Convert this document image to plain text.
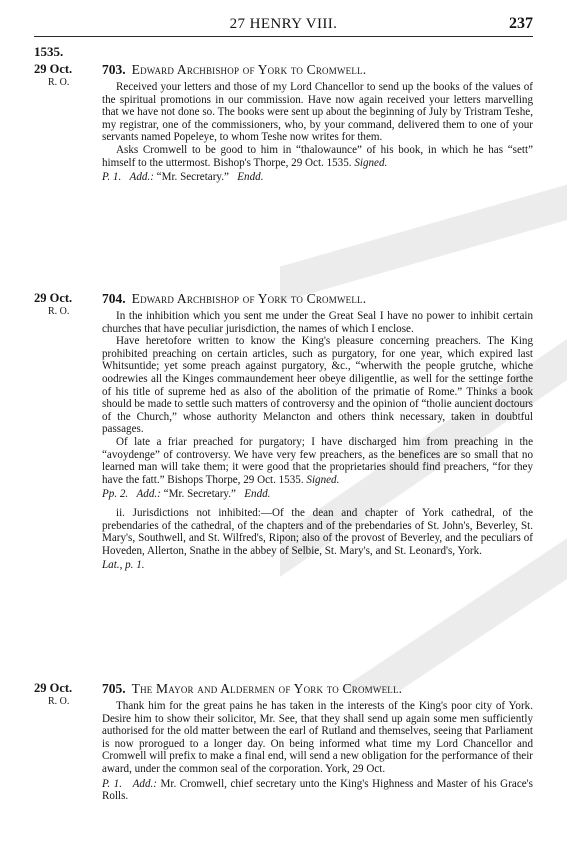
27 HENRY VIII.	237
1535.
29 Oct.
R. O.
703. Edward Archbishop of York to Cromwell.

Received your letters and those of my Lord Chancellor to send up the books of the values of the spiritual promotions in our commission. Have now again received your letters marvelling that we have not done so. The books were sent up about the beginning of July by Tristram Teshe, my registrar, one of the commissioners, who, by your command, delivered them to one of your servants named Popeleye, to whom Teshe now writes for them.

Asks Cromwell to be good to him in “thalowaunce” of his book, in which he has “sett” himself to the uttermost. Bishop's Thorpe, 29 Oct. 1535. Signed.

P. 1. Add.: “Mr. Secretary.” Endd.

29 Oct.
R. O.
704. Edward Archbishop of York to Cromwell.

In the inhibition which you sent me under the Great Seal I have no power to inhibit certain churches that have peculiar jurisdiction, the names of which I enclose.

Have heretofore written to know the King's pleasure concerning preachers. The King prohibited preaching on certain articles, such as purgatory, for one year, which expired last Whitsuntide; yet some preach against purgatory, &c., “wherwith the people grutche, whiche oodrewies all the Kinges commaundement heer obeye diligentlie, as well for the settinge forthe of his title of supreme hed as also of the abolition of the primatie of Rome.” Thinks a book should be made to settle such matters of controversy and the opinion of “tholie auncient doctours of the Church,” whose authority Melancton and others think necessary, taken in doubtful passages.

Of late a friar preached for purgatory; I have discharged him from preaching in the “avoydenge” of controversy. We have very few preachers, as the benefices are so small that no learned man will take them; it were good that the proprietaries should find preachers, “for they have the fatt.” Bishops Thorpe, 29 Oct. 1535. Signed.

Pp. 2. Add.: “Mr. Secretary.” Endd.

ii. Jurisdictions not inhibited:—Of the dean and chapter of York cathedral, of the prebendaries of the cathedral, of the chapters and of the prebendaries of St. John's, Beverley, St. Mary's, Southwell, and St. Wilfred's, Ripon; also of the provost of Beverley, and the peculiars of Hoveden, Allerton, Snathe in the abbey of Selbie, St. Mary's, and St. Leonard's, York.

Lat., p. 1.

29 Oct.
R. O.
705. The Mayor and Aldermen of York to Cromwell.

Thank him for the great pains he has taken in the interests of the King's poor city of York. Desire him to show their solicitor, Mr. See, that they shall send up again some men sufficiently authorised for the old matter between the earl of Rutland and themselves, seeing that Parliament is now prorogued to a longer day. On being informed what time my Lord Chancellor and Cromwell will prefix to make a final end, will send a new obligation for the performance of their award, under the common seal of the corporation. York, 29 Oct.

P. 1. Add.: Mr. Cromwell, chief secretary unto the King's Highness and Master of his Grace's Rolls.
